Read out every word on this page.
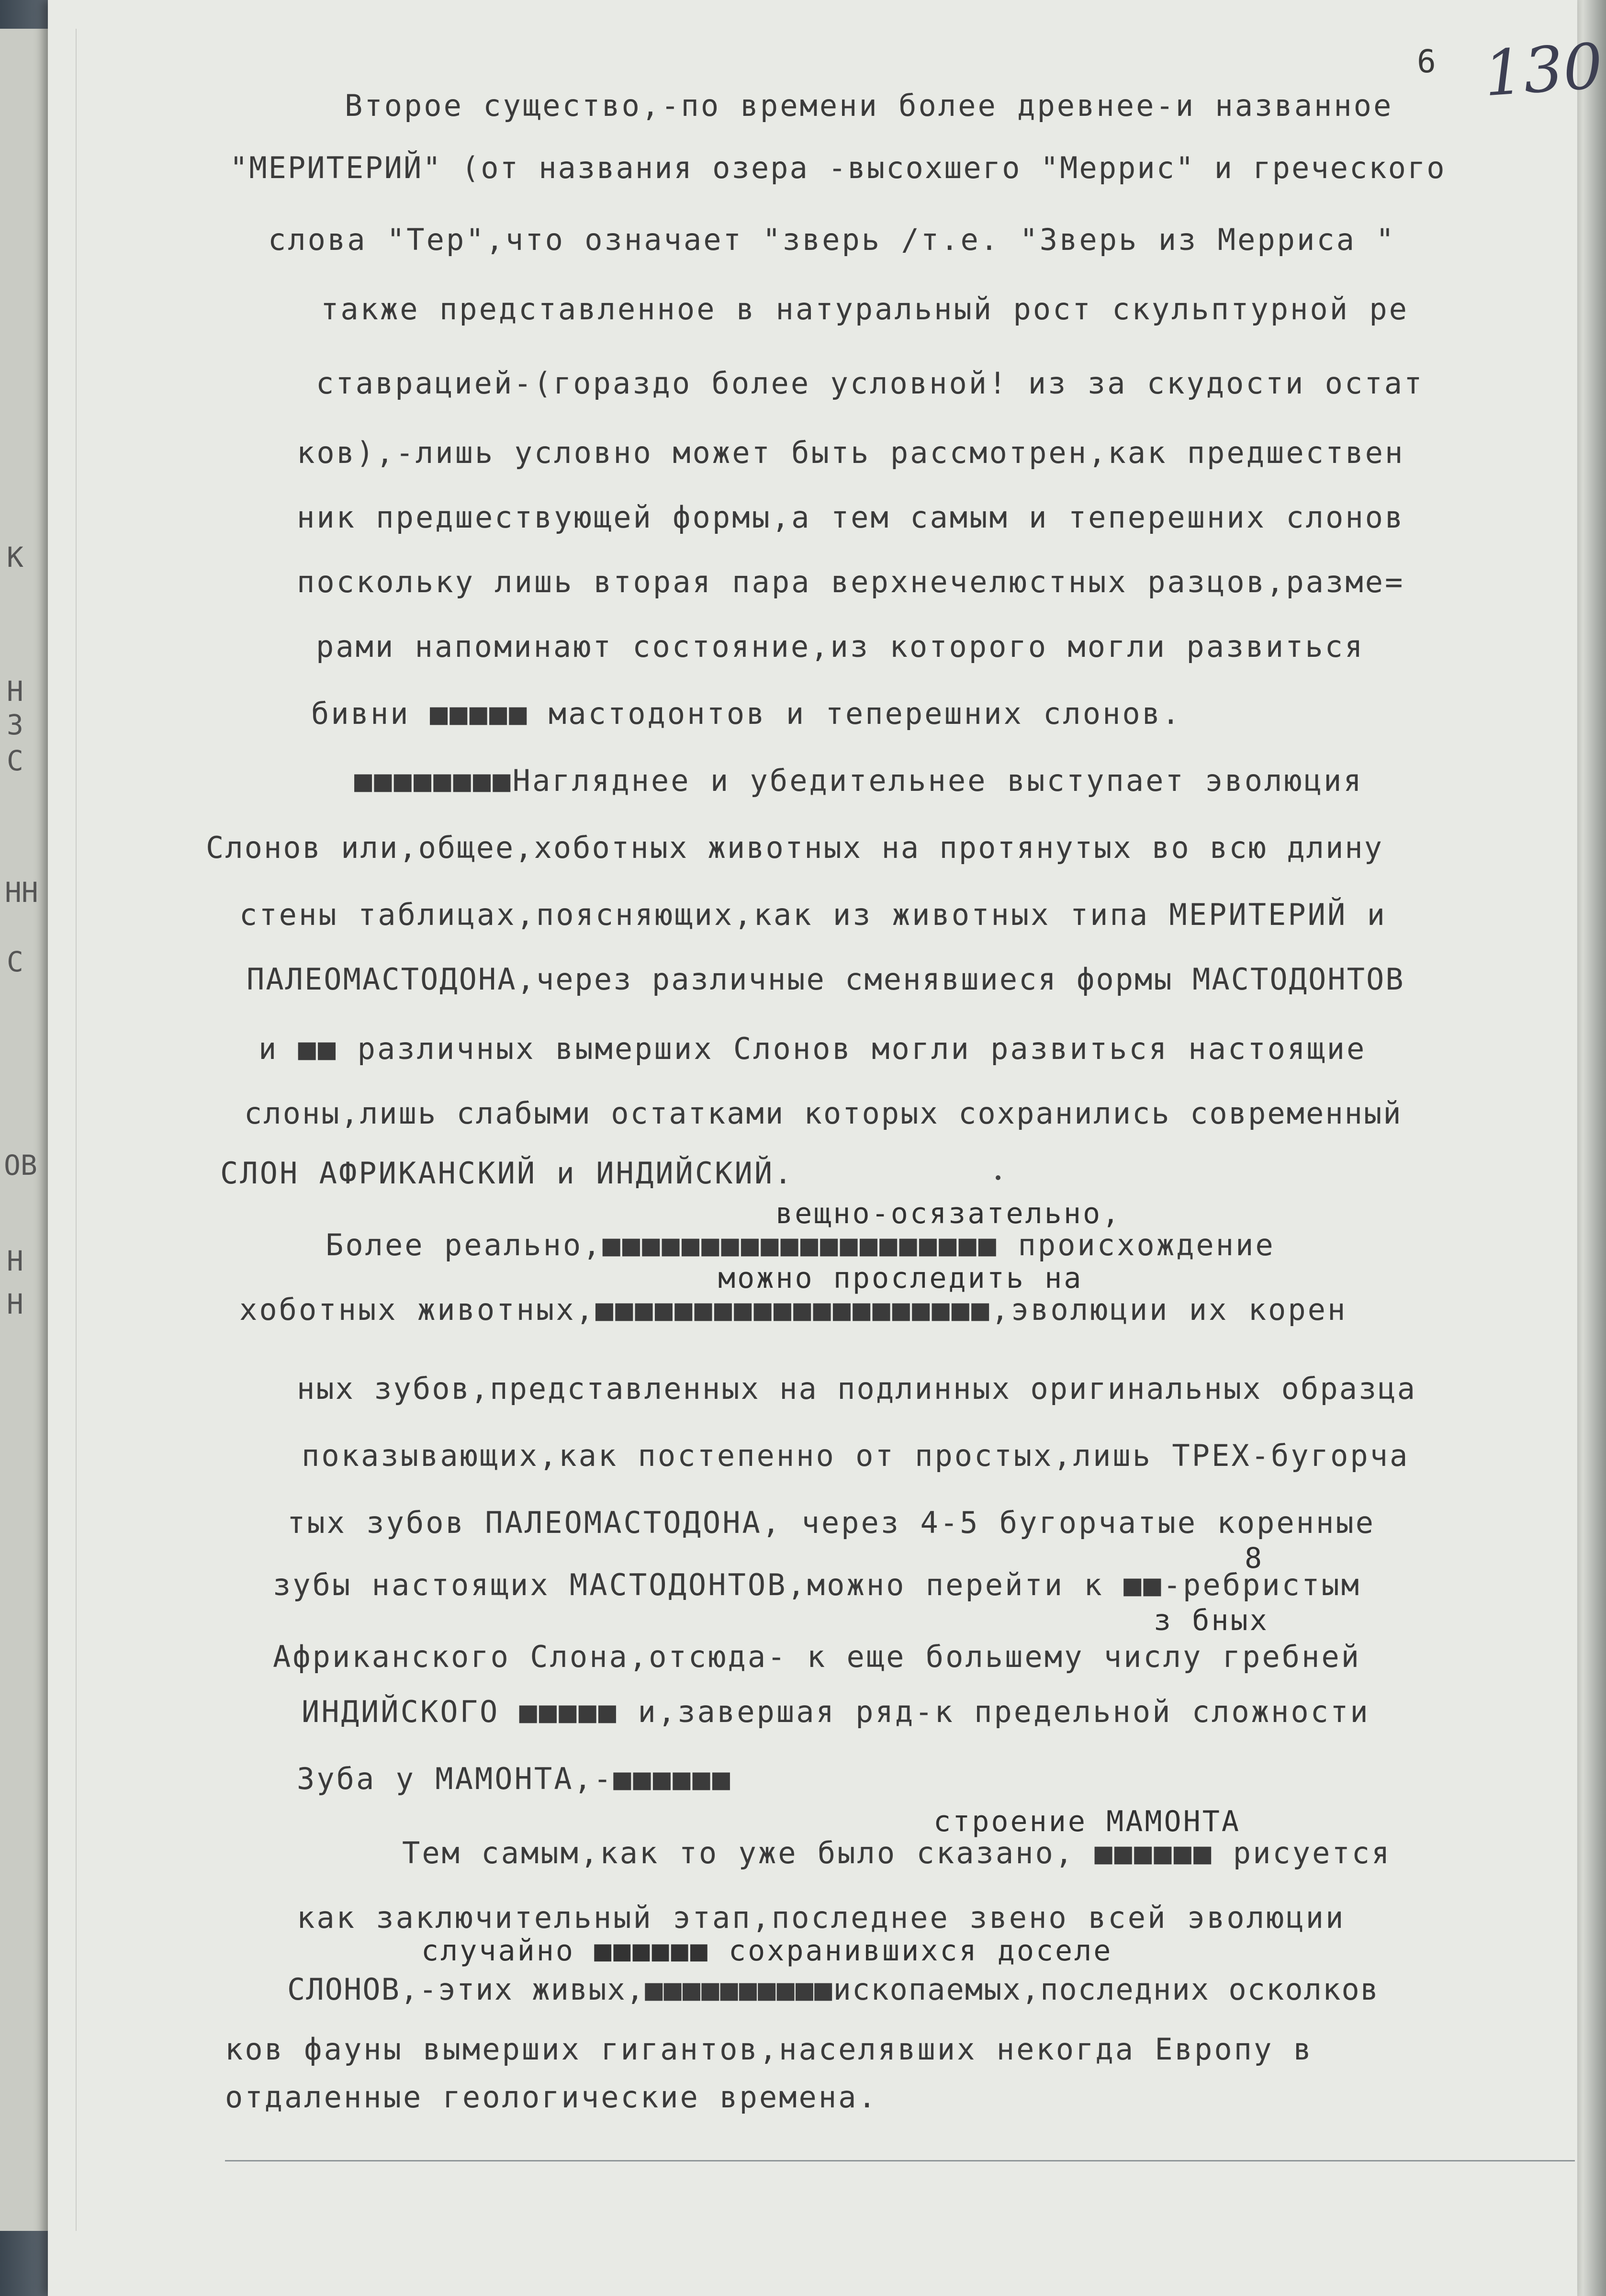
К
Н
З
С
НН
С
ОВ
Н
Н
6 130
Второе существо,-по времени более древнее-и названное
"МЕРИТЕРИЙ" (от названия озера -высохшего "Меррис" и греческого
слова "Тер",что означает "зверь /т.е. "Зверь из Мерриса "
также представленное в натуральный рост скульптурной ре
ставрацией-(гораздо более условной! из за скудости остат
ков),-лишь условно может быть рассмотрен,как предшествен
ник предшествующей формы,а тем самым и теперешних слонов
поскольку лишь вторая пара верхнечелюстных разцов,разме=
рами напоминают состояние,из которого могли развиться
бивни ■■■■■ мастодонтов и теперешних слонов.
■■■■■■■■Нагляднее и убедительнее выступает эволюция
Слонов или,общее,хоботных животных на протянутых во всю длину
стены таблицах,поясняющих,как из животных типа МЕРИТЕРИЙ и
ПАЛЕОМАСТОДОНА,через различные сменявшиеся формы МАСТОДОНТОВ
и ■■ различных вымерших Слонов могли развиться настоящие
слоны,лишь слабыми остатками которых сохранились современный
СЛОН АФРИКАНСКИЙ и ИНДИЙСКИЙ.
вещно-осязательно,
Более реально,■■■■■■■■■■■■■■■■■■■■ происхождение
можно проследить на
хоботных животных,■■■■■■■■■■■■■■■■■■■■,эволюции их корен
ных зубов,представленных на подлинных оригинальных образца
показывающих,как постепенно от простых,лишь ТРЕХ-бугорча
тых зубов ПАЛЕОМАСТОДОНА, через 4-5 бугорчатые коренные
8
зубы настоящих МАСТОДОНТОВ,можно перейти к ■■-ребристым
з бных
Африканского Слона,отсюда- к еще большему числу гребней
ИНДИЙСКОГО ■■■■■ и,завершая ряд-к предельной сложности
Зуба у МАМОНТА,-■■■■■■
строение МАМОНТА
Тем самым,как то уже было сказано, ■■■■■■ рисуется
как заключительный этап,последнее звено всей эволюции
случайно ■■■■■■ сохранившихся доселе
СЛОНОВ,-этих живых,■■■■■■■■■■ископаемых,последних осколков
ков фауны вымерших гигантов,населявших некогда Европу в
отдаленные геологические времена.
